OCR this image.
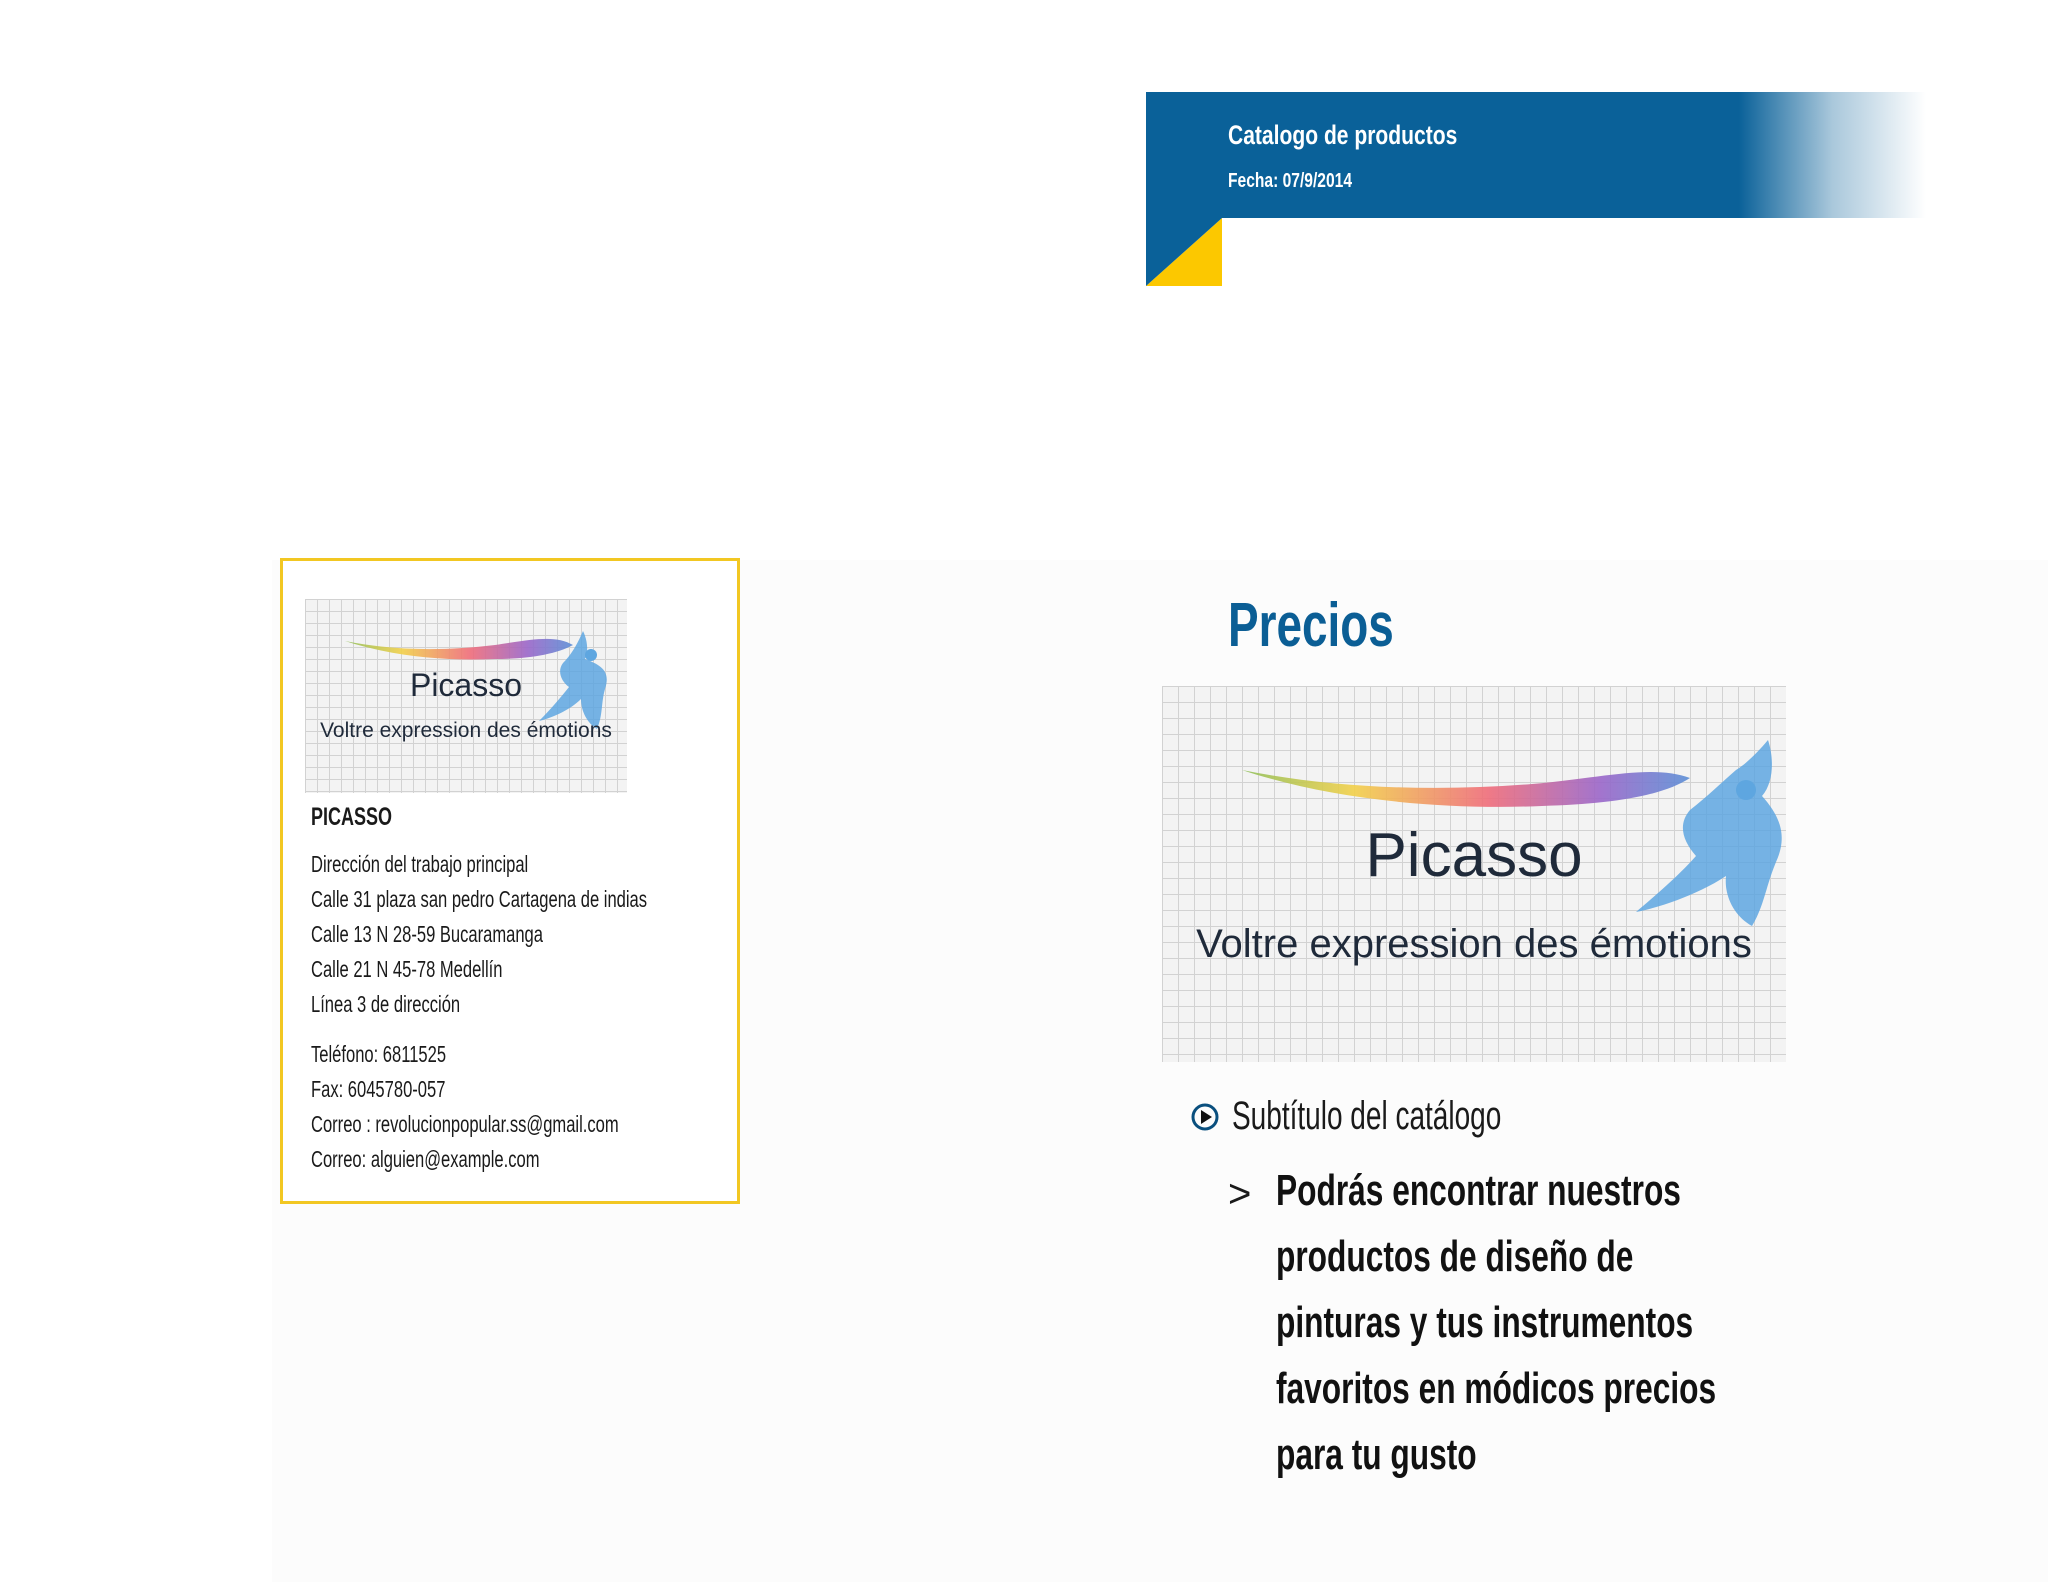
Catalogo de productos
Fecha: 07/9/2014
Picasso
Voltre expression des émotions
PICASSO
Dirección del trabajo principal
Calle 31 plaza san pedro Cartagena de indias
Calle 13 N 28-59 Bucaramanga
Calle 21 N 45-78 Medellín
Línea 3 de dirección
Teléfono: 6811525
Fax: 6045780-057
Correo : revolucionpopular.ss@gmail.com
Correo: alguien@example.com
Precios
Picasso
Voltre expression des émotions
Subtítulo del catálogo
> Podrás encontrar nuestros
productos de diseño de
pinturas y tus instrumentos
favoritos en módicos precios
para tu gusto
